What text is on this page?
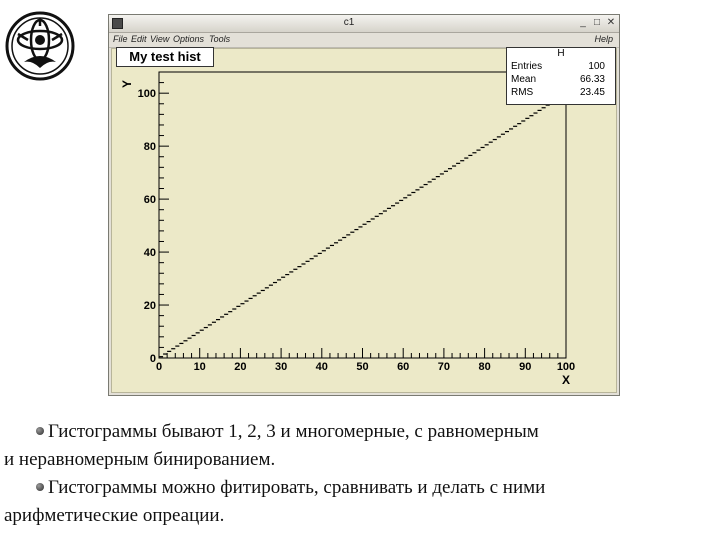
c1	_ □ ✕
File Edit View Options Tools	Help
0	10	20	30	40	50	60	70	80	90 100
0
20
40
60
80
100
X
Y
My test hist	H
Entries	100
Mean	66.33
RMS	23.45

Гистограммы бывают 1, 2, 3 и многомерные, с равномерным

и неравномерным бинированием.

Гистограммы можно фитировать, сравнивать и делать с ними

арифметические опреации.
